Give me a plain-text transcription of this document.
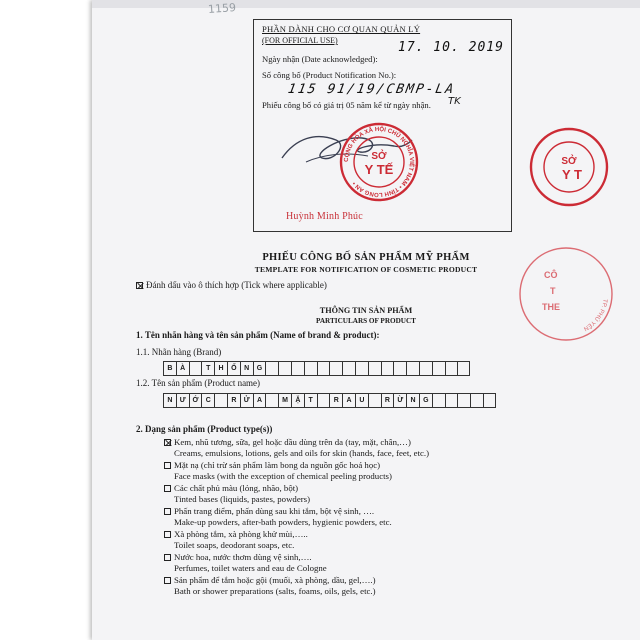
1159
PHẦN DÀNH CHO CƠ QUAN QUẢN LÝ
(FOR OFFICIAL USE)
Ngày nhận (Date acknowledged):
17. 10. 2019
Số công bố (Product Notification No.):
115 91/19/CBMP-LA
Phiếu công bố có giá trị 05 năm kể từ ngày nhận. TK
CỘNG HÒA XÃ HỘI CHỦ NGHĨA VIỆT NAM • TỈNH LONG AN •
SỞ
Y TẾ
SỞ
Y T
TP. PHÚ YÊN
CÔ
T
THE
Huỳnh Minh Phúc
PHIẾU CÔNG BỐ SẢN PHẨM MỸ PHẨM
TEMPLATE FOR NOTIFICATION OF COSMETIC PRODUCT
Đánh dấu vào ô thích hợp (Tick where applicable)
THÔNG TIN SẢN PHẨM
PARTICULARS OF PRODUCT
1. Tên nhãn hàng và tên sản phẩm (Name of brand & product):
1.1. Nhãn hàng (Brand)
B	À	T	H	Ố	N	G
1.2. Tên sản phẩm (Product name)
N	Ư Ớ	C	R	Ử	A	M	Ặ	T	R	A	U	R	Ừ	N	G
2. Dạng sản phẩm (Product type(s))
Kem, nhũ tương, sữa, gel hoặc dầu dùng trên da (tay, mặt, chân,…)
Creams, emulsions, lotions, gels and oils for skin (hands, face, feet, etc.)
Mặt nạ (chỉ trừ sản phẩm làm bong da nguồn gốc hoá học)
Face masks (with the exception of chemical peeling products)
Các chất phủ màu (lỏng, nhão, bột)
Tinted bases (liquids, pastes, powders)
Phấn trang điểm, phấn dùng sau khi tắm, bột vệ sinh, ….
Make-up powders, after-bath powders, hygienic powders, etc.
Xà phòng tắm, xà phòng khử mùi,…..
Toilet soaps, deodorant soaps, etc.
Nước hoa, nước thơm dùng vệ sinh,….
Perfumes, toilet waters and eau de Cologne
Sản phẩm để tắm hoặc gội (muối, xà phòng, dầu, gel,….)
Bath or shower preparations (salts, foams, oils, gels, etc.)
